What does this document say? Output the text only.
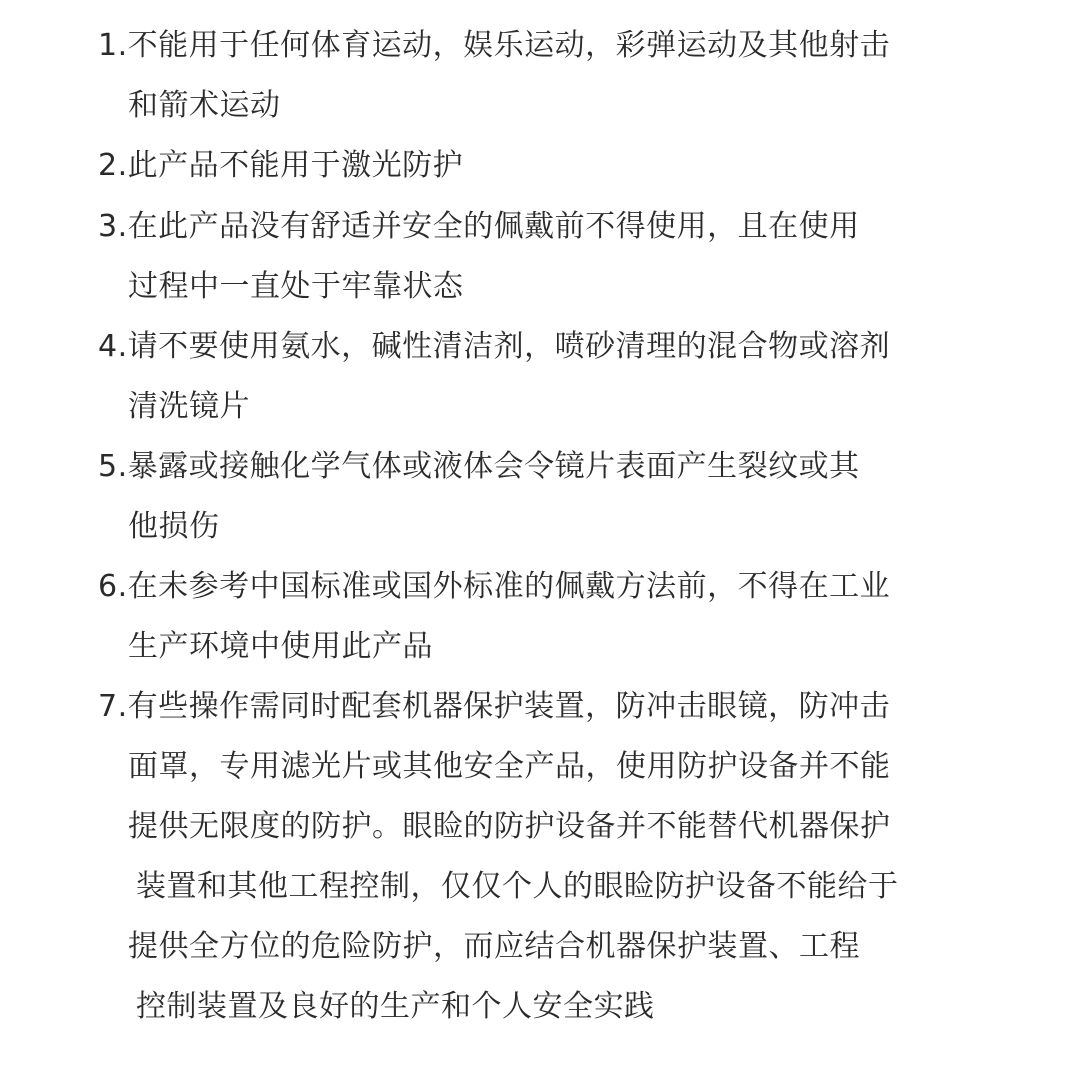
1.不能用于任何体育运动，娱乐运动，彩弹运动及其他射击
和箭术运动
2.此产品不能用于激光防护
3.在此产品没有舒适并安全的佩戴前不得使用，且在使用
过程中一直处于牢靠状态
4.请不要使用氨水，碱性清洁剂，喷砂清理的混合物或溶剂
清洗镜片
5.暴露或接触化学气体或液体会令镜片表面产生裂纹或其
他损伤
6.在未参考中国标准或国外标准的佩戴方法前，不得在工业
生产环境中使用此产品
7.有些操作需同时配套机器保护装置，防冲击眼镜，防冲击
面罩，专用滤光片或其他安全产品，使用防护设备并不能
提供无限度的防护。眼睑的防护设备并不能替代机器保护
装置和其他工程控制，仅仅个人的眼睑防护设备不能给于
提供全方位的危险防护，而应结合机器保护装置、工程
控制装置及良好的生产和个人安全实践
